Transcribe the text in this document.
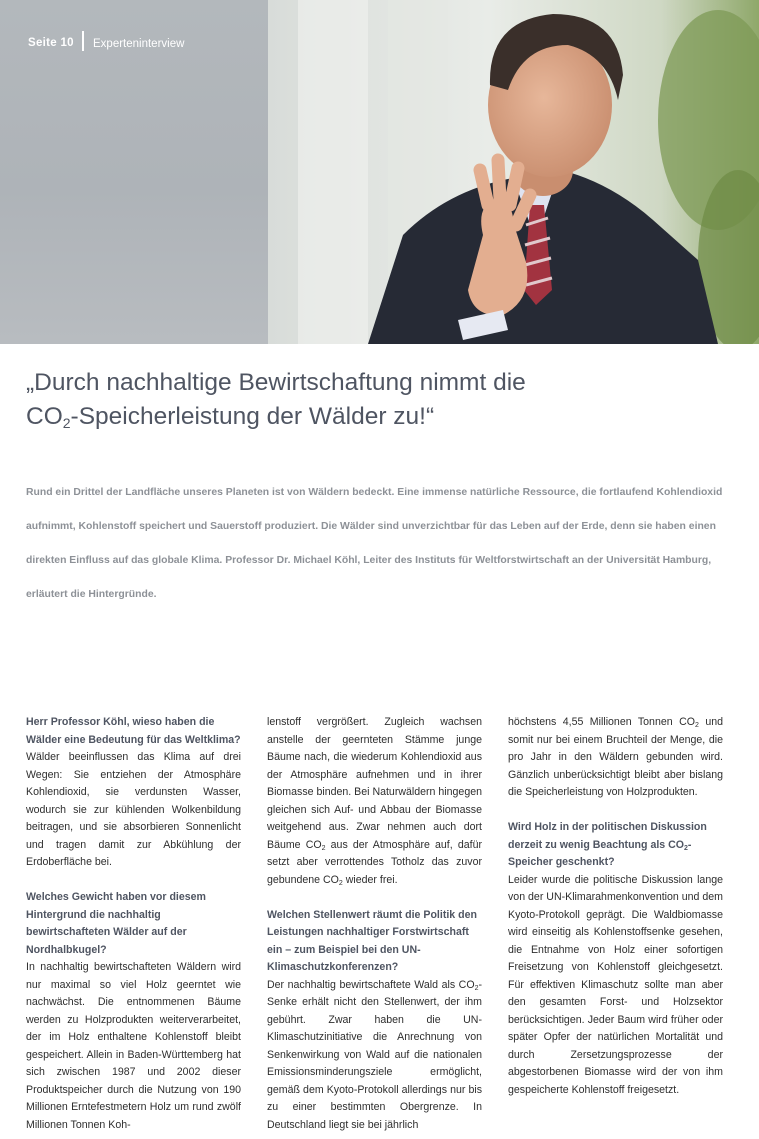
Seite 10 Experteninterview
„Durch nachhaltige Bewirtschaftung nimmt die
$CO_2$-Speicherleistung der Wälder zu!“

Rund ein Drittel der Landfläche unseres Planeten ist von Wäldern bedeckt. Eine immense natürliche Ressource, die fortlaufend Kohlendioxid aufnimmt, Kohlenstoff speichert und Sauerstoff produziert. Die Wälder sind unverzichtbar für das Leben auf der Erde, denn sie haben einen direkten Einfluss auf das globale Klima. Professor Dr. Michael Köhl, Leiter des Instituts für Weltforstwirtschaft an der Universität Hamburg, erläutert die Hintergründe.

Herr Professor Köhl, wieso haben die Wälder eine Bedeutung für das Weltklima?

Wälder beeinflussen das Klima auf drei Wegen: Sie entziehen der Atmosphäre Kohlendioxid, sie verdunsten Wasser, wodurch sie zur kühlenden Wolkenbildung beitragen, und sie absorbieren Sonnenlicht und tragen damit zur Abkühlung der Erdoberfläche bei.

Welches Gewicht haben vor diesem Hintergrund die nachhaltig bewirtschafteten Wälder auf der Nordhalbkugel?

In nachhaltig bewirtschafteten Wäldern wird nur maximal so viel Holz geerntet wie nachwächst. Die entnommenen Bäume werden zu Holzprodukten weiterverarbeitet, der im Holz enthaltene Kohlenstoff bleibt gespeichert. Allein in Baden-Württemberg hat sich zwischen 1987 und 2002 dieser Produktspeicher durch die Nutzung von 190 Millionen Erntefestmetern Holz um rund zwölf Millionen Tonnen Koh-

lenstoff vergrößert. Zugleich wachsen anstelle der geernteten Stämme junge Bäume nach, die wiederum Kohlendioxid aus der Atmosphäre aufnehmen und in ihrer Biomasse binden. Bei Naturwäldern hingegen gleichen sich Auf- und Abbau der Biomasse weitgehend aus. Zwar nehmen auch dort Bäume $CO_2$ aus der Atmosphäre auf, dafür setzt aber verrottendes Totholz das zuvor gebundene $CO_2$ wieder frei.

Welchen Stellenwert räumt die Politik den Leistungen nachhaltiger Forstwirtschaft ein – zum Beispiel bei den UN-Klimaschutzkonferenzen?

Der nachhaltig bewirtschaftete Wald als $CO_2$-Senke erhält nicht den Stellenwert, der ihm gebührt. Zwar haben die UN-Klimaschutzinitiative die Anrechnung von Senkenwirkung von Wald auf die nationalen Emissionsminderungsziele ermöglicht, gemäß dem Kyoto-Protokoll allerdings nur bis zu einer bestimmten Obergrenze. In Deutschland liegt sie bei jährlich

höchstens 4,55 Millionen Tonnen $CO_2$ und somit nur bei einem Bruchteil der Menge, die pro Jahr in den Wäldern gebunden wird. Gänzlich unberücksichtigt bleibt aber bislang die Speicherleistung von Holzprodukten.

Wird Holz in der politischen Diskussion derzeit zu wenig Beachtung als $CO_2$-Speicher geschenkt?

Leider wurde die politische Diskussion lange von der UN-Klimarahmenkonvention und dem Kyoto-Protokoll geprägt. Die Waldbiomasse wird einseitig als Kohlenstoffsenke gesehen, die Entnahme von Holz einer sofortigen Freisetzung von Kohlenstoff gleichgesetzt. Für effektiven Klimaschutz sollte man aber den gesamten Forst- und Holzsektor berücksichtigen. Jeder Baum wird früher oder später Opfer der natürlichen Mortalität und durch Zersetzungsprozesse der abgestorbenen Biomasse wird der von ihm gespeicherte Kohlenstoff freigesetzt.
